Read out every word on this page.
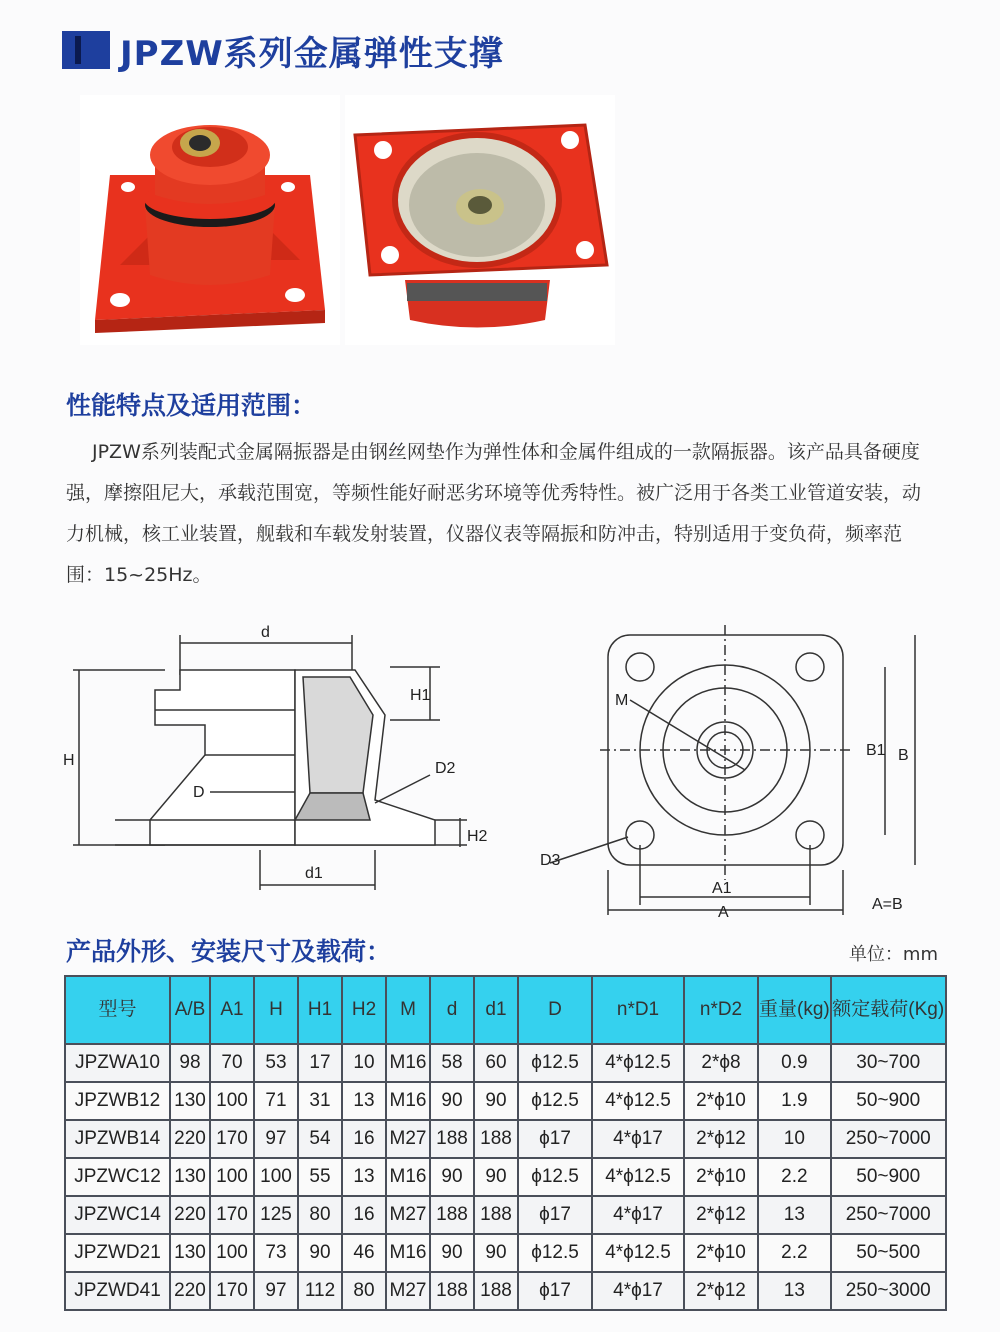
JPZW系列金属弹性支撑
性能特点及适用范围：

JPZW系列装配式金属隔振器是由钢丝网垫作为弹性体和金属件组成的一款隔振器。该产品具备硬度强，摩擦阻尼大，承载范围宽，等频性能好耐恶劣环境等优秀特性。被广泛用于各类工业管道安装，动力机械，核工业装置，舰载和车载发射装置，仪器仪表等隔振和防冲击，特别适用于变负荷，频率范围：15~25Hz。

d
H
H1
D
D2
H2
d1
M
B1 B
D3
A1
A	A=B
产品外形、安装尺寸及载荷：	单位：mm
型号	A/B	A1	H	H1	H2	M	d	d1	D	n*D1	n*D2	重量(kg)	额定载荷(Kg)
JPZWA10	98	70	53	17	10	M16	58	60	ϕ12.5	4*ϕ12.5	2*ϕ8	0.9	30~700
JPZWB12	130	100	71	31	13	M16	90	90	ϕ12.5	4*ϕ12.5	2*ϕ10	1.9	50~900
JPZWB14	220	170	97	54	16	M27	188	188	ϕ17	4*ϕ17	2*ϕ12	10	250~7000
JPZWC12	130	100	100	55	13	M16	90	90	ϕ12.5	4*ϕ12.5	2*ϕ10	2.2	50~900
JPZWC14	220	170	125	80	16	M27	188	188	ϕ17	4*ϕ17	2*ϕ12	13	250~7000
JPZWD21	130	100	73	90	46	M16	90	90	ϕ12.5	4*ϕ12.5	2*ϕ10	2.2	50~500
JPZWD41	220	170	97	112	80	M27	188	188	ϕ17	4*ϕ17	2*ϕ12	13	250~3000
